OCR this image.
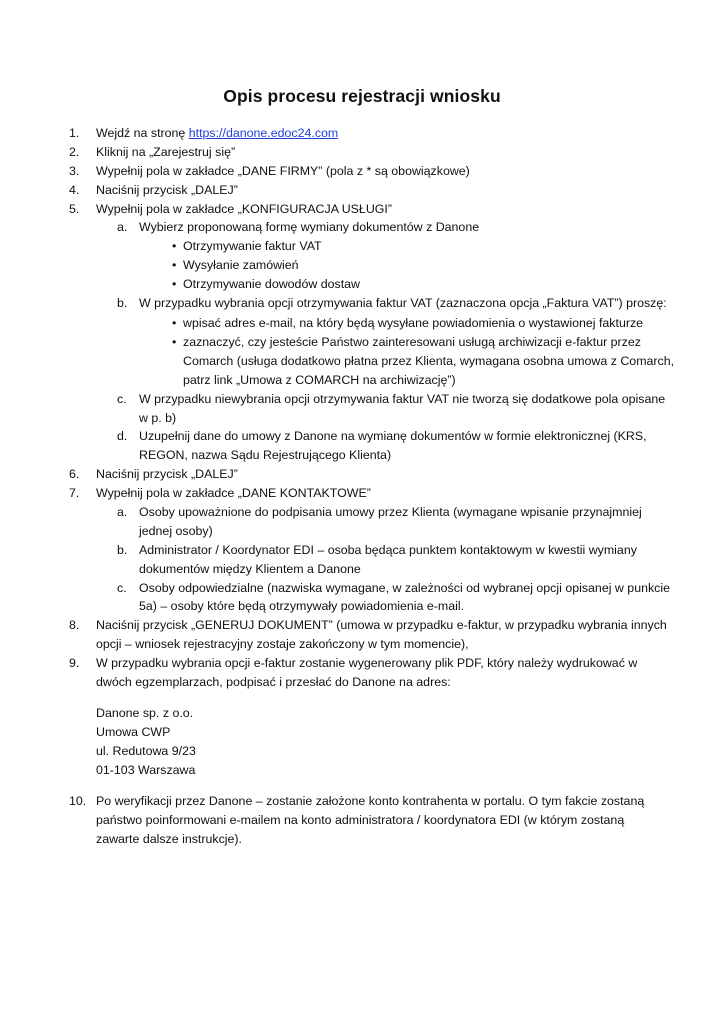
Opis procesu rejestracji wniosku
1. Wejdź na stronę https://danone.edoc24.com
2. Kliknij na „Zarejestruj się”
3. Wypełnij pola w zakładce „DANE FIRMY” (pola z * są obowiązkowe)
4. Naciśnij przycisk „DALEJ”
5. Wypełnij pola w zakładce „KONFIGURACJA USŁUGI”
a. Wybierz proponowaną formę wymiany dokumentów z Danone
• Otrzymywanie faktur VAT
• Wysyłanie zamówień
• Otrzymywanie dowodów dostaw
b. W przypadku wybrania opcji otrzymywania faktur VAT (zaznaczona opcja „Faktura VAT”) proszę:
• wpisać adres e-mail, na który będą wysyłane powiadomienia o wystawionej fakturze
• zaznaczyć, czy jesteście Państwo zainteresowani usługą archiwizacji e-faktur przez
Comarch (usługa dodatkowo płatna przez Klienta, wymagana osobna umowa z Comarch,
patrz link „Umowa z COMARCH na archiwizację”)
c. W przypadku niewybrania opcji otrzymywania faktur VAT nie tworzą się dodatkowe pola opisane
w p. b)
d. Uzupełnij dane do umowy z Danone na wymianę dokumentów w formie elektronicznej (KRS,
REGON, nazwa Sądu Rejestrującego Klienta)
6. Naciśnij przycisk „DALEJ”
7. Wypełnij pola w zakładce „DANE KONTAKTOWE”
a. Osoby upoważnione do podpisania umowy przez Klienta (wymagane wpisanie przynajmniej
jednej osoby)
b. Administrator / Koordynator EDI – osoba będąca punktem kontaktowym w kwestii wymiany
dokumentów między Klientem a Danone
c. Osoby odpowiedzialne (nazwiska wymagane, w zależności od wybranej opcji opisanej w punkcie
5a) – osoby które będą otrzymywały powiadomienia e-mail.
8. Naciśnij przycisk „GENERUJ DOKUMENT” (umowa w przypadku e-faktur, w przypadku wybrania innych
opcji – wniosek rejestracyjny zostaje zakończony w tym momencie),
9. W przypadku wybrania opcji e-faktur zostanie wygenerowany plik PDF, który należy wydrukować w
dwóch egzemplarzach, podpisać i przesłać do Danone na adres:
Danone sp. z o.o.
Umowa CWP
ul. Redutowa 9/23
01-103 Warszawa
10. Po weryfikacji przez Danone – zostanie założone konto kontrahenta w portalu. O tym fakcie zostaną
państwo poinformowani e-mailem na konto administratora / koordynatora EDI (w którym zostaną
zawarte dalsze instrukcje).
